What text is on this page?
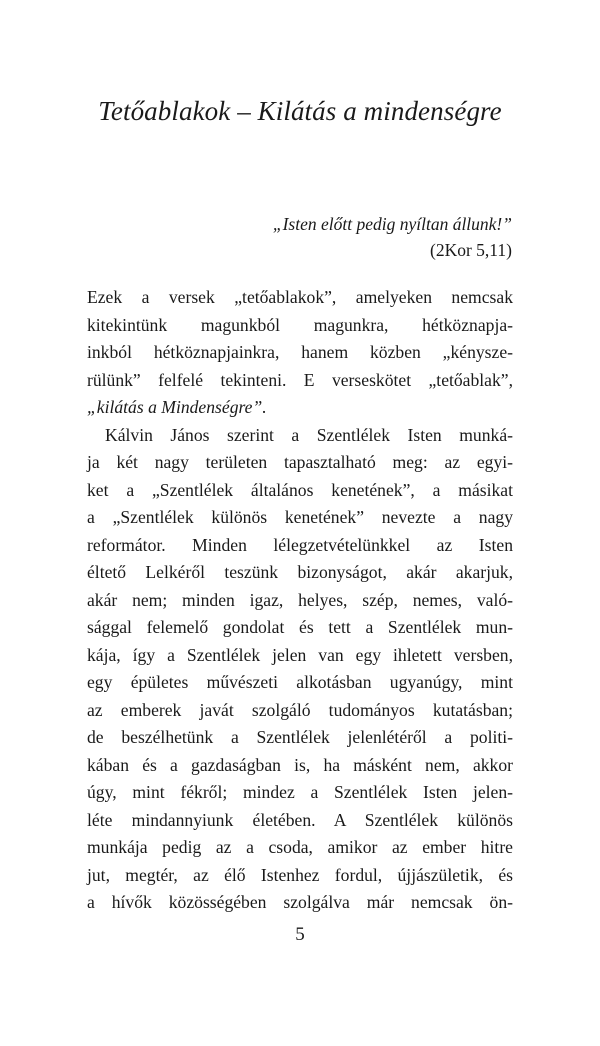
Tetőablakok – Kilátás a mindenségre
„Isten előtt pedig nyíltan állunk!”
(2Kor 5,11)
Ezek a versek „tetőablakok”, amelyeken nemcsak
kitekintünk magunkból magunkra, hétköznapja-
inkból hétköznapjainkra, hanem közben „kénysze-
rülünk” felfelé tekinteni. E verseskötet „tetőablak”,
„kilátás a Mindenségre”.
Kálvin János szerint a Szentlélek Isten munká-
ja két nagy területen tapasztalható meg: az egyi-
ket a „Szentlélek általános kenetének”, a másikat
a „Szentlélek különös kenetének” nevezte a nagy
reformátor. Minden lélegzetvételünkkel az Isten
éltető Lelkéről teszünk bizonyságot, akár akarjuk,
akár nem; minden igaz, helyes, szép, nemes, való-
sággal felemelő gondolat és tett a Szentlélek mun-
kája, így a Szentlélek jelen van egy ihletett versben,
egy épületes művészeti alkotásban ugyanúgy, mint
az emberek javát szolgáló tudományos kutatásban;
de beszélhetünk a Szentlélek jelenlétéről a politi-
kában és a gazdaságban is, ha másként nem, akkor
úgy, mint fékről; mindez a Szentlélek Isten jelen-
léte mindannyiunk életében. A Szentlélek különös
munkája pedig az a csoda, amikor az ember hitre
jut, megtér, az élő Istenhez fordul, újjászületik, és
a hívők közösségében szolgálva már nemcsak ön-
5
